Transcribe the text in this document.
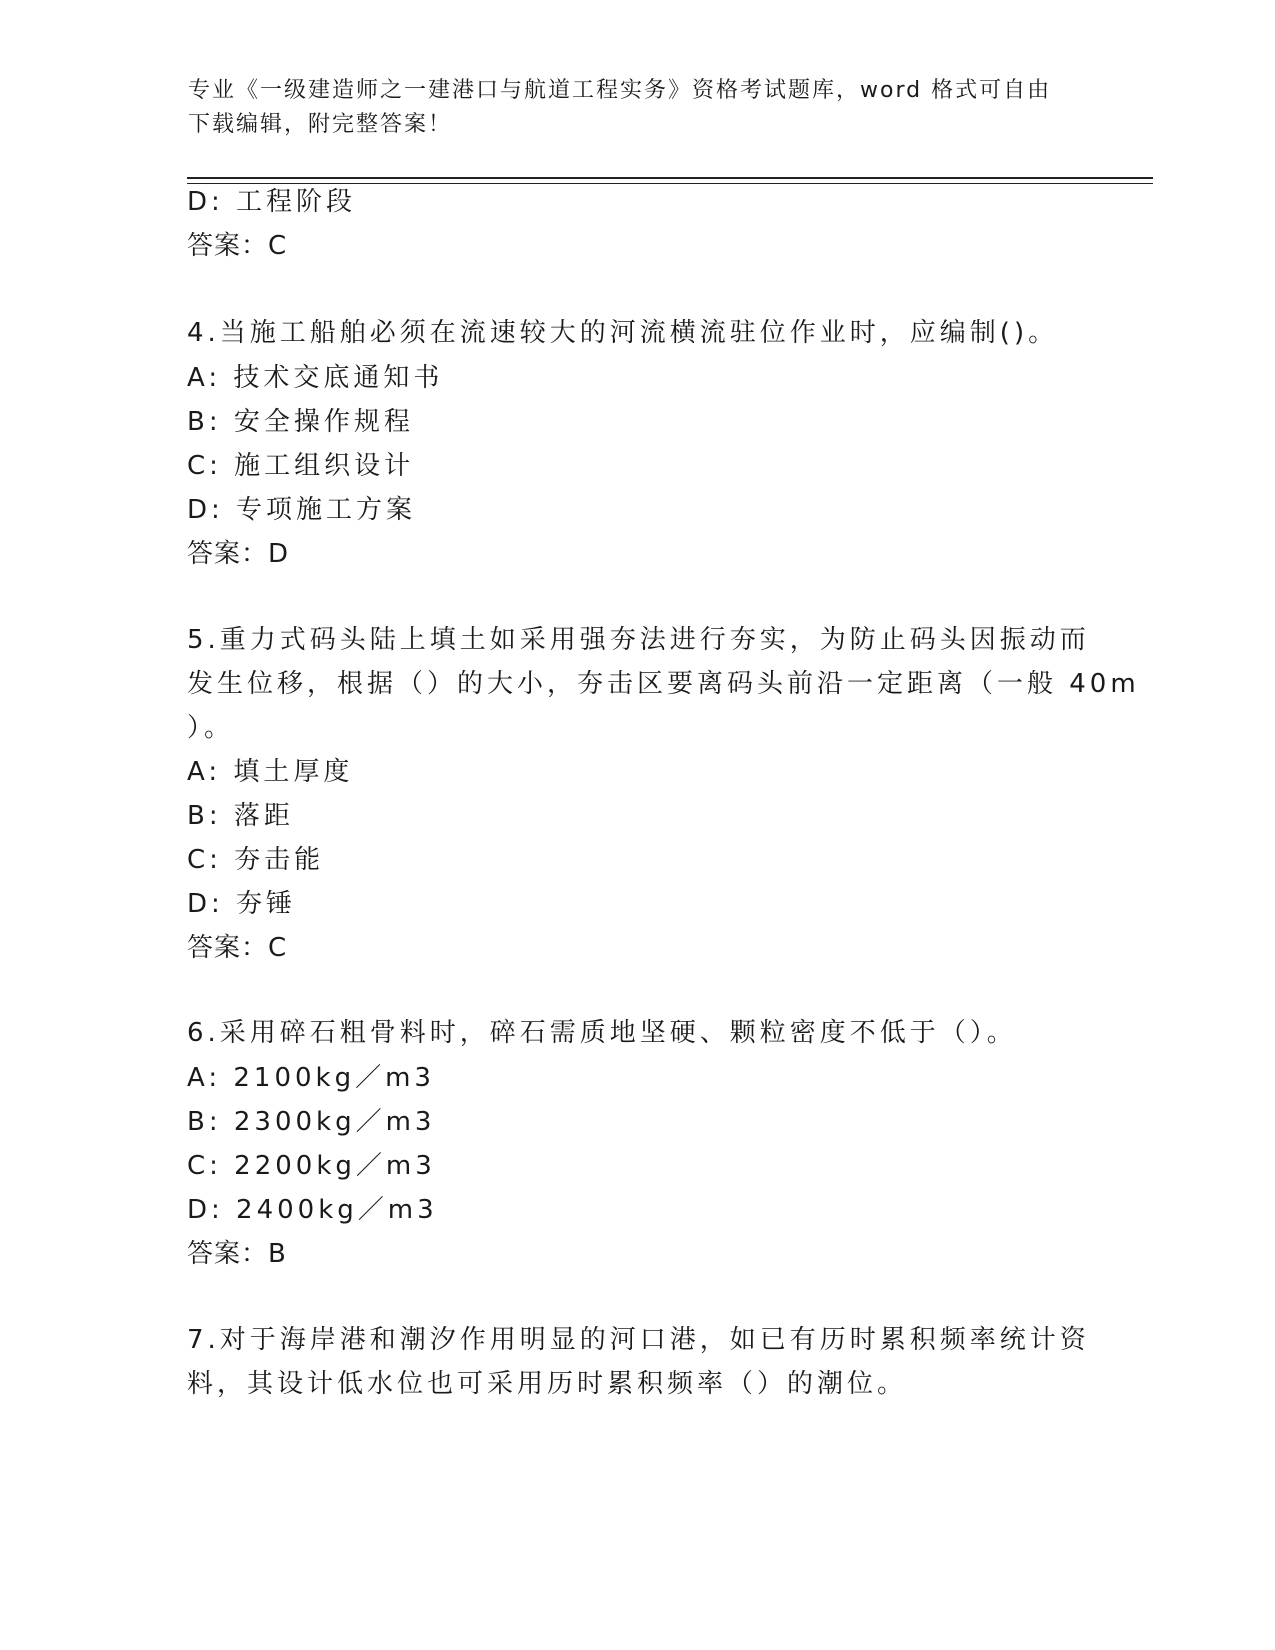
专业《一级建造师之一建港口与航道工程实务》资格考试题库，word 格式可自由
下载编辑，附完整答案！
D: 工程阶段
答案：C
4.当施工船舶必须在流速较大的河流横流驻位作业时，应编制()。
A: 技术交底通知书
B: 安全操作规程
C: 施工组织设计
D: 专项施工方案
答案：D
5.重力式码头陆上填土如采用强夯法进行夯实，为防止码头因振动而
发生位移，根据（）的大小，夯击区要离码头前沿一定距离（一般 40m
）。
A: 填土厚度
B: 落距
C: 夯击能
D: 夯锤
答案：C
6.采用碎石粗骨料时，碎石需质地坚硬、颗粒密度不低于（）。
A: 2100kg／m3
B: 2300kg／m3
C: 2200kg／m3
D: 2400kg／m3
答案：B
7.对于海岸港和潮汐作用明显的河口港，如已有历时累积频率统计资
料，其设计低水位也可采用历时累积频率（）的潮位。
